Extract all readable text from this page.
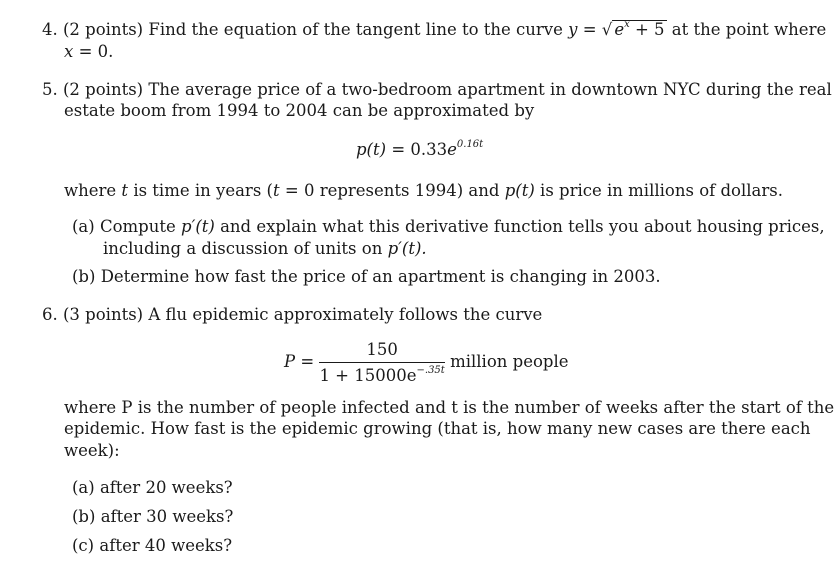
4. (2 points) Find the equation of the tangent line to the curve y = √ $e^x + 5$ at the point where
x = 0.
5. (2 points) The average price of a two-bedroom apartment in downtown NYC during the real
estate boom from 1994 to 2004 can be approximated by
$p(t) = 0.33e^{0.16t}$
where t is time in years (t = 0 represents 1994) and p(t) is price in millions of dollars.
(a) Compute p′(t) and explain what this derivative function tells you about housing prices,
including a discussion of units on p′(t).
(b) Determine how fast the price of an apartment is changing in 2003.
6. (3 points) A flu epidemic approximately follows the curve
$P = \frac{150}{1 + 15000e^{-.35t}}$ million people
where P is the number of people infected and t is the number of weeks after the start of the
epidemic. How fast is the epidemic growing (that is, how many new cases are there each
week):
(a) after 20 weeks?
(b) after 30 weeks?
(c) after 40 weeks?
